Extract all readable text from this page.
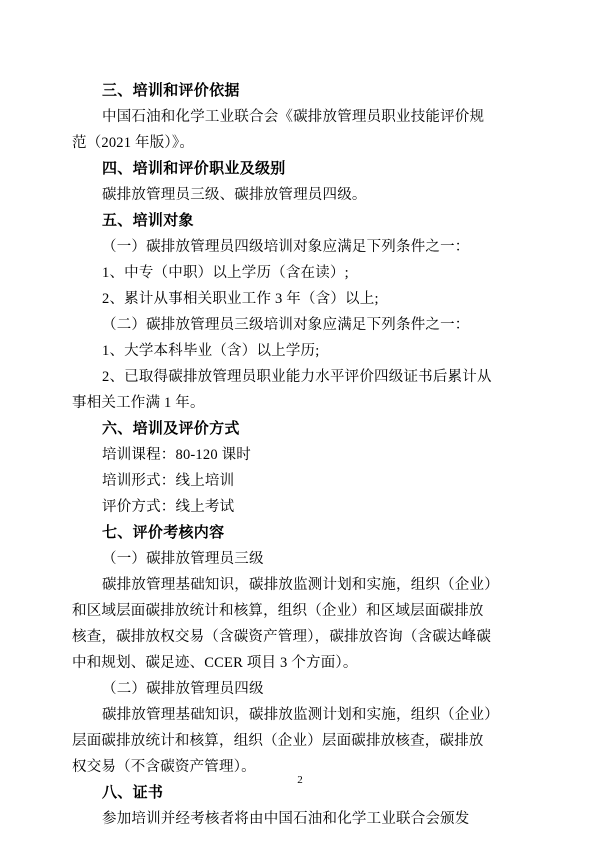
三、培训和评价依据
中国石油和化学工业联合会《碳排放管理员职业技能评价规
范（2021 年版）》。
四、培训和评价职业及级别
碳排放管理员三级、碳排放管理员四级。
五、培训对象
（一）碳排放管理员四级培训对象应满足下列条件之一：
1、中专（中职）以上学历（含在读）;
2、累计从事相关职业工作 3 年（含）以上;
（二）碳排放管理员三级培训对象应满足下列条件之一：
1、大学本科毕业（含）以上学历;
2、已取得碳排放管理员职业能力水平评价四级证书后累计从
事相关工作满 1 年。
六、培训及评价方式
培训课程：80-120 课时
培训形式：线上培训
评价方式：线上考试
七、评价考核内容
（一）碳排放管理员三级
碳排放管理基础知识，碳排放监测计划和实施，组织（企业）
和区域层面碳排放统计和核算，组织（企业）和区域层面碳排放
核查，碳排放权交易（含碳资产管理），碳排放咨询（含碳达峰碳
中和规划、碳足迹、CCER 项目 3 个方面）。
（二）碳排放管理员四级
碳排放管理基础知识，碳排放监测计划和实施，组织（企业）
层面碳排放统计和核算，组织（企业）层面碳排放核查，碳排放
权交易（不含碳资产管理）。
八、证书
参加培训并经考核者将由中国石油和化学工业联合会颁发
2
